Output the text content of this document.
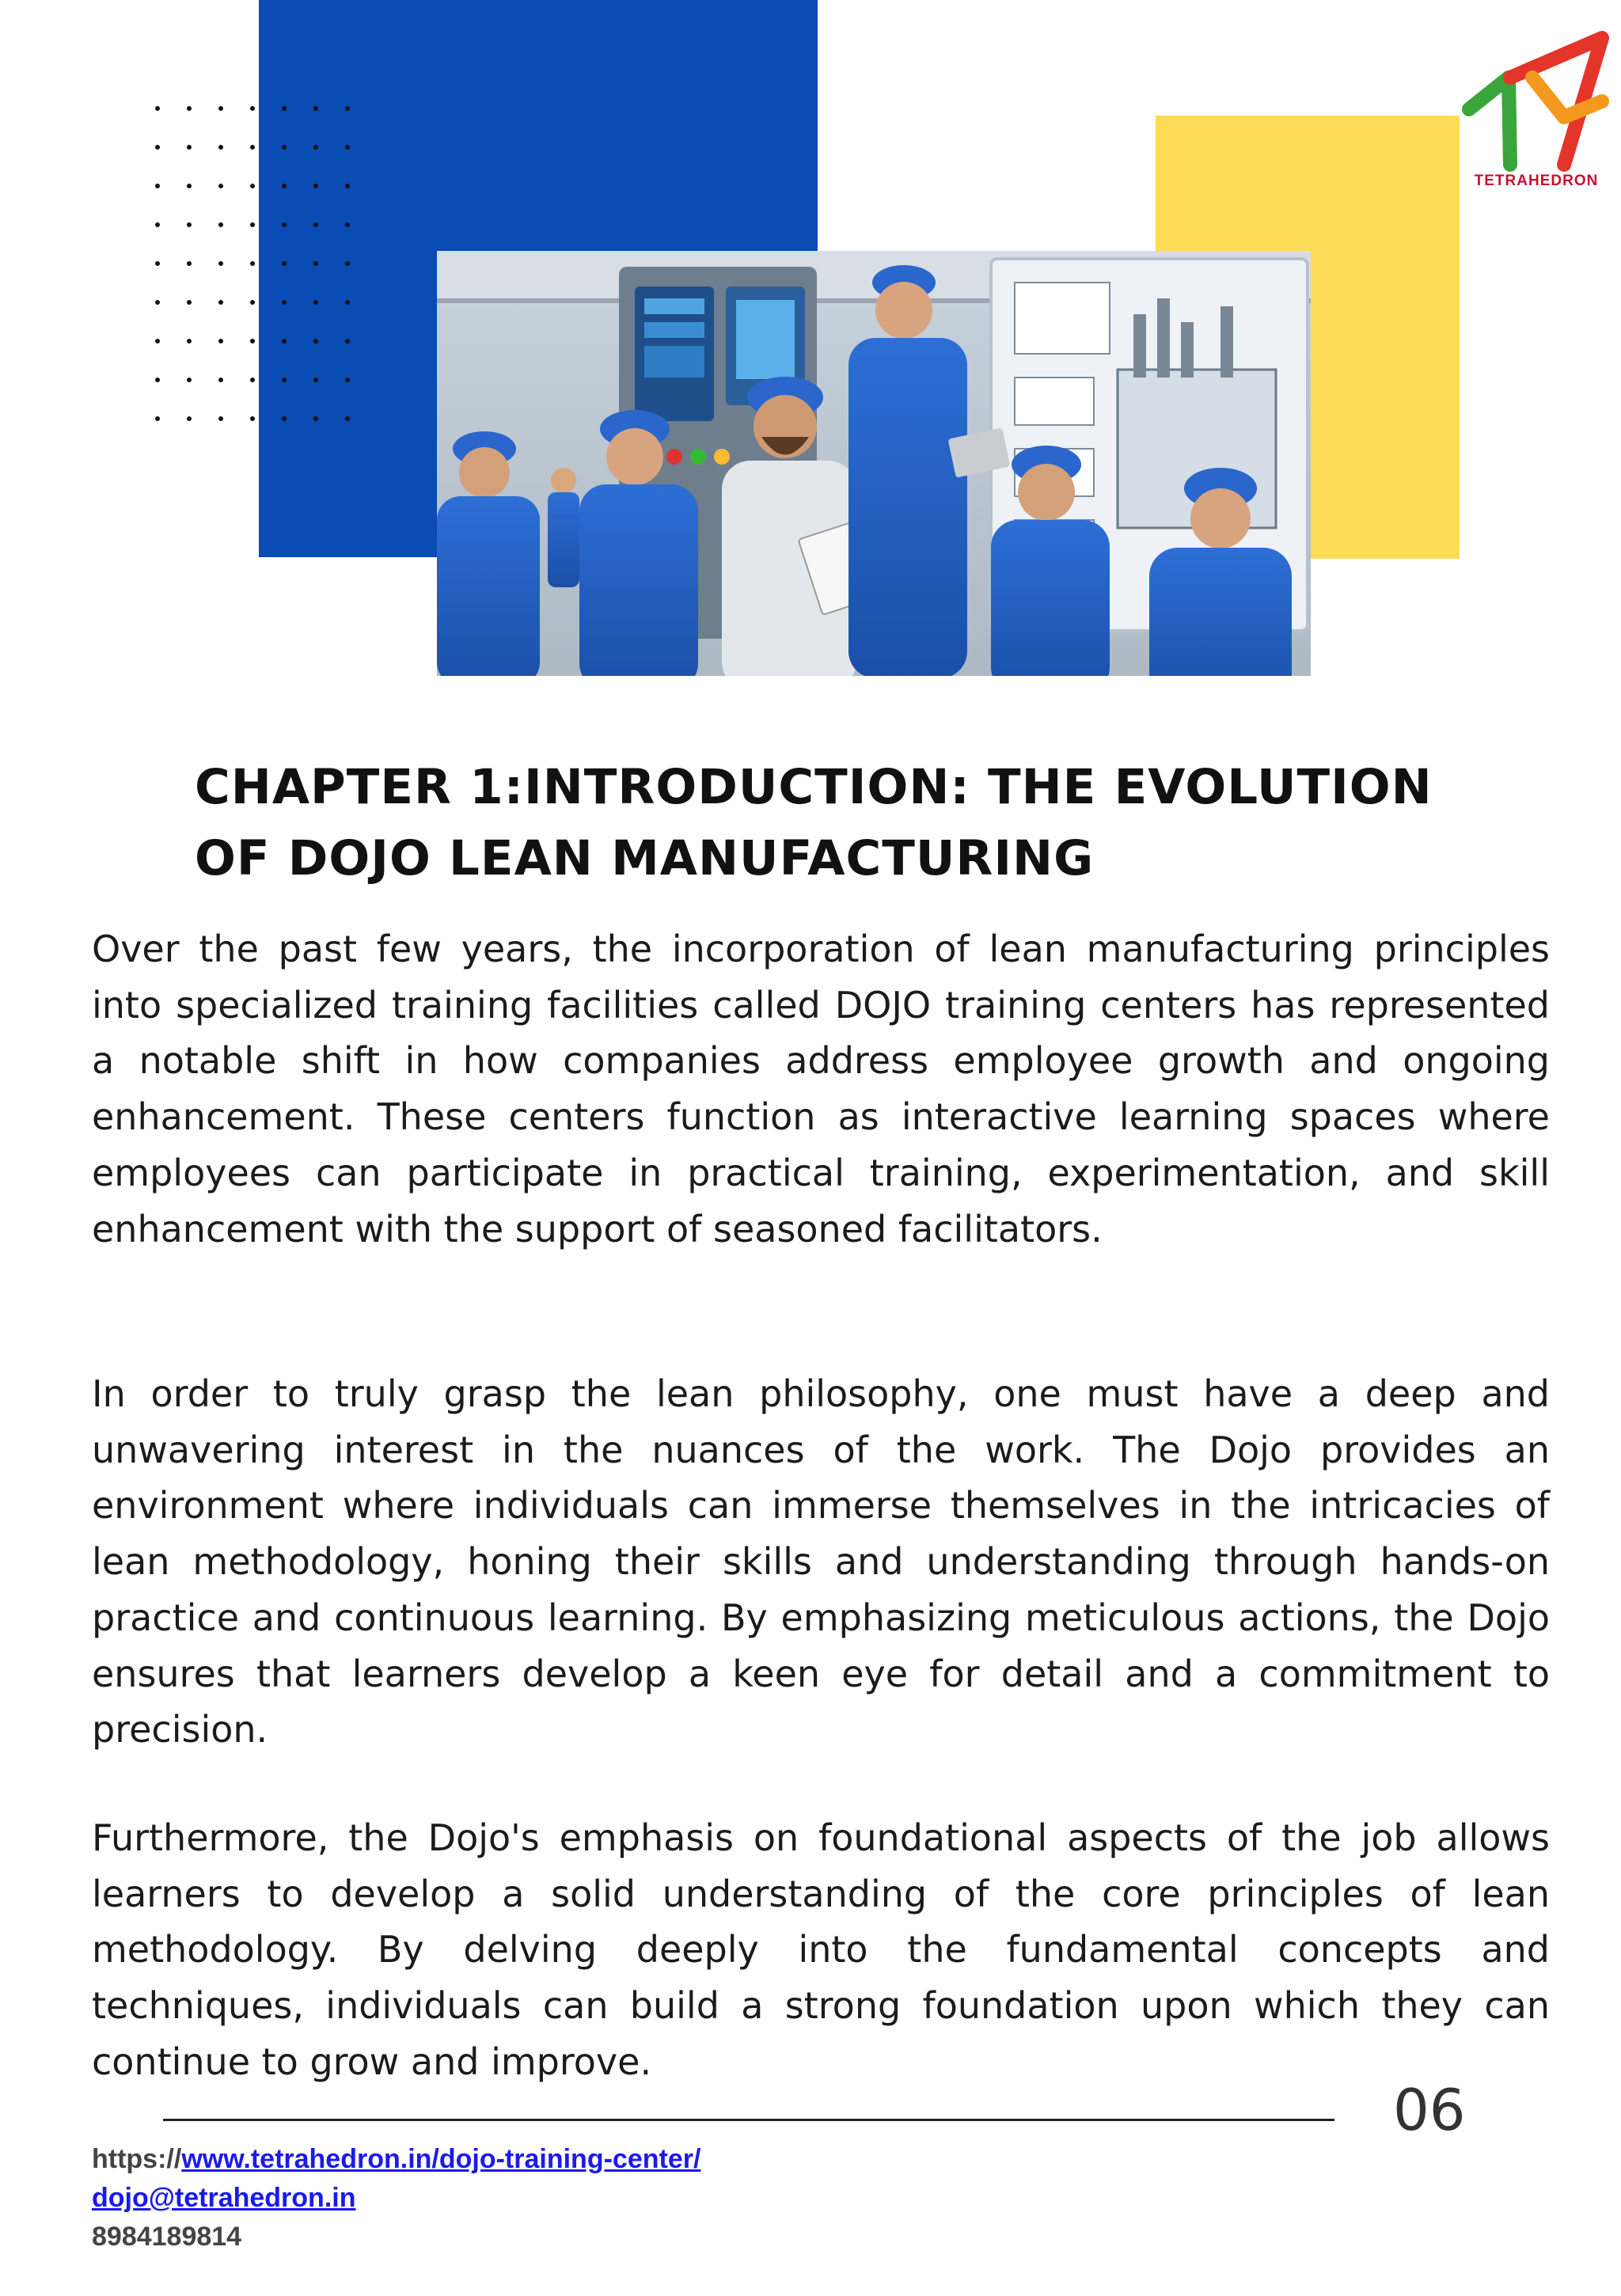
TETRAHEDRON
CHAPTER 1:INTRODUCTION: THE EVOLUTION
OF DOJO LEAN MANUFACTURING

Over the past few years, the incorporation of lean manufacturing principles into specialized training facilities called DOJO training centers has represented a notable shift in how companies address employee growth and ongoing enhancement. These centers function as interactive learning spaces where employees can participate in practical training, experimentation, and skill enhancement with the support of seasoned facilitators.

In order to truly grasp the lean philosophy, one must have a deep and unwavering interest in the nuances of the work. The Dojo provides an environment where individuals can immerse themselves in the intricacies of lean methodology, honing their skills and understanding through hands-on practice and continuous learning. By emphasizing meticulous actions, the Dojo ensures that learners develop a keen eye for detail and a commitment to precision.

Furthermore, the Dojo's emphasis on foundational aspects of the job allows learners to develop a solid understanding of the core principles of lean methodology. By delving deeply into the fundamental concepts and techniques, individuals can build a strong foundation upon which they can continue to grow and improve.

06
https://www.tetrahedron.in/dojo-training-center/
dojo@tetrahedron.in
8984189814
